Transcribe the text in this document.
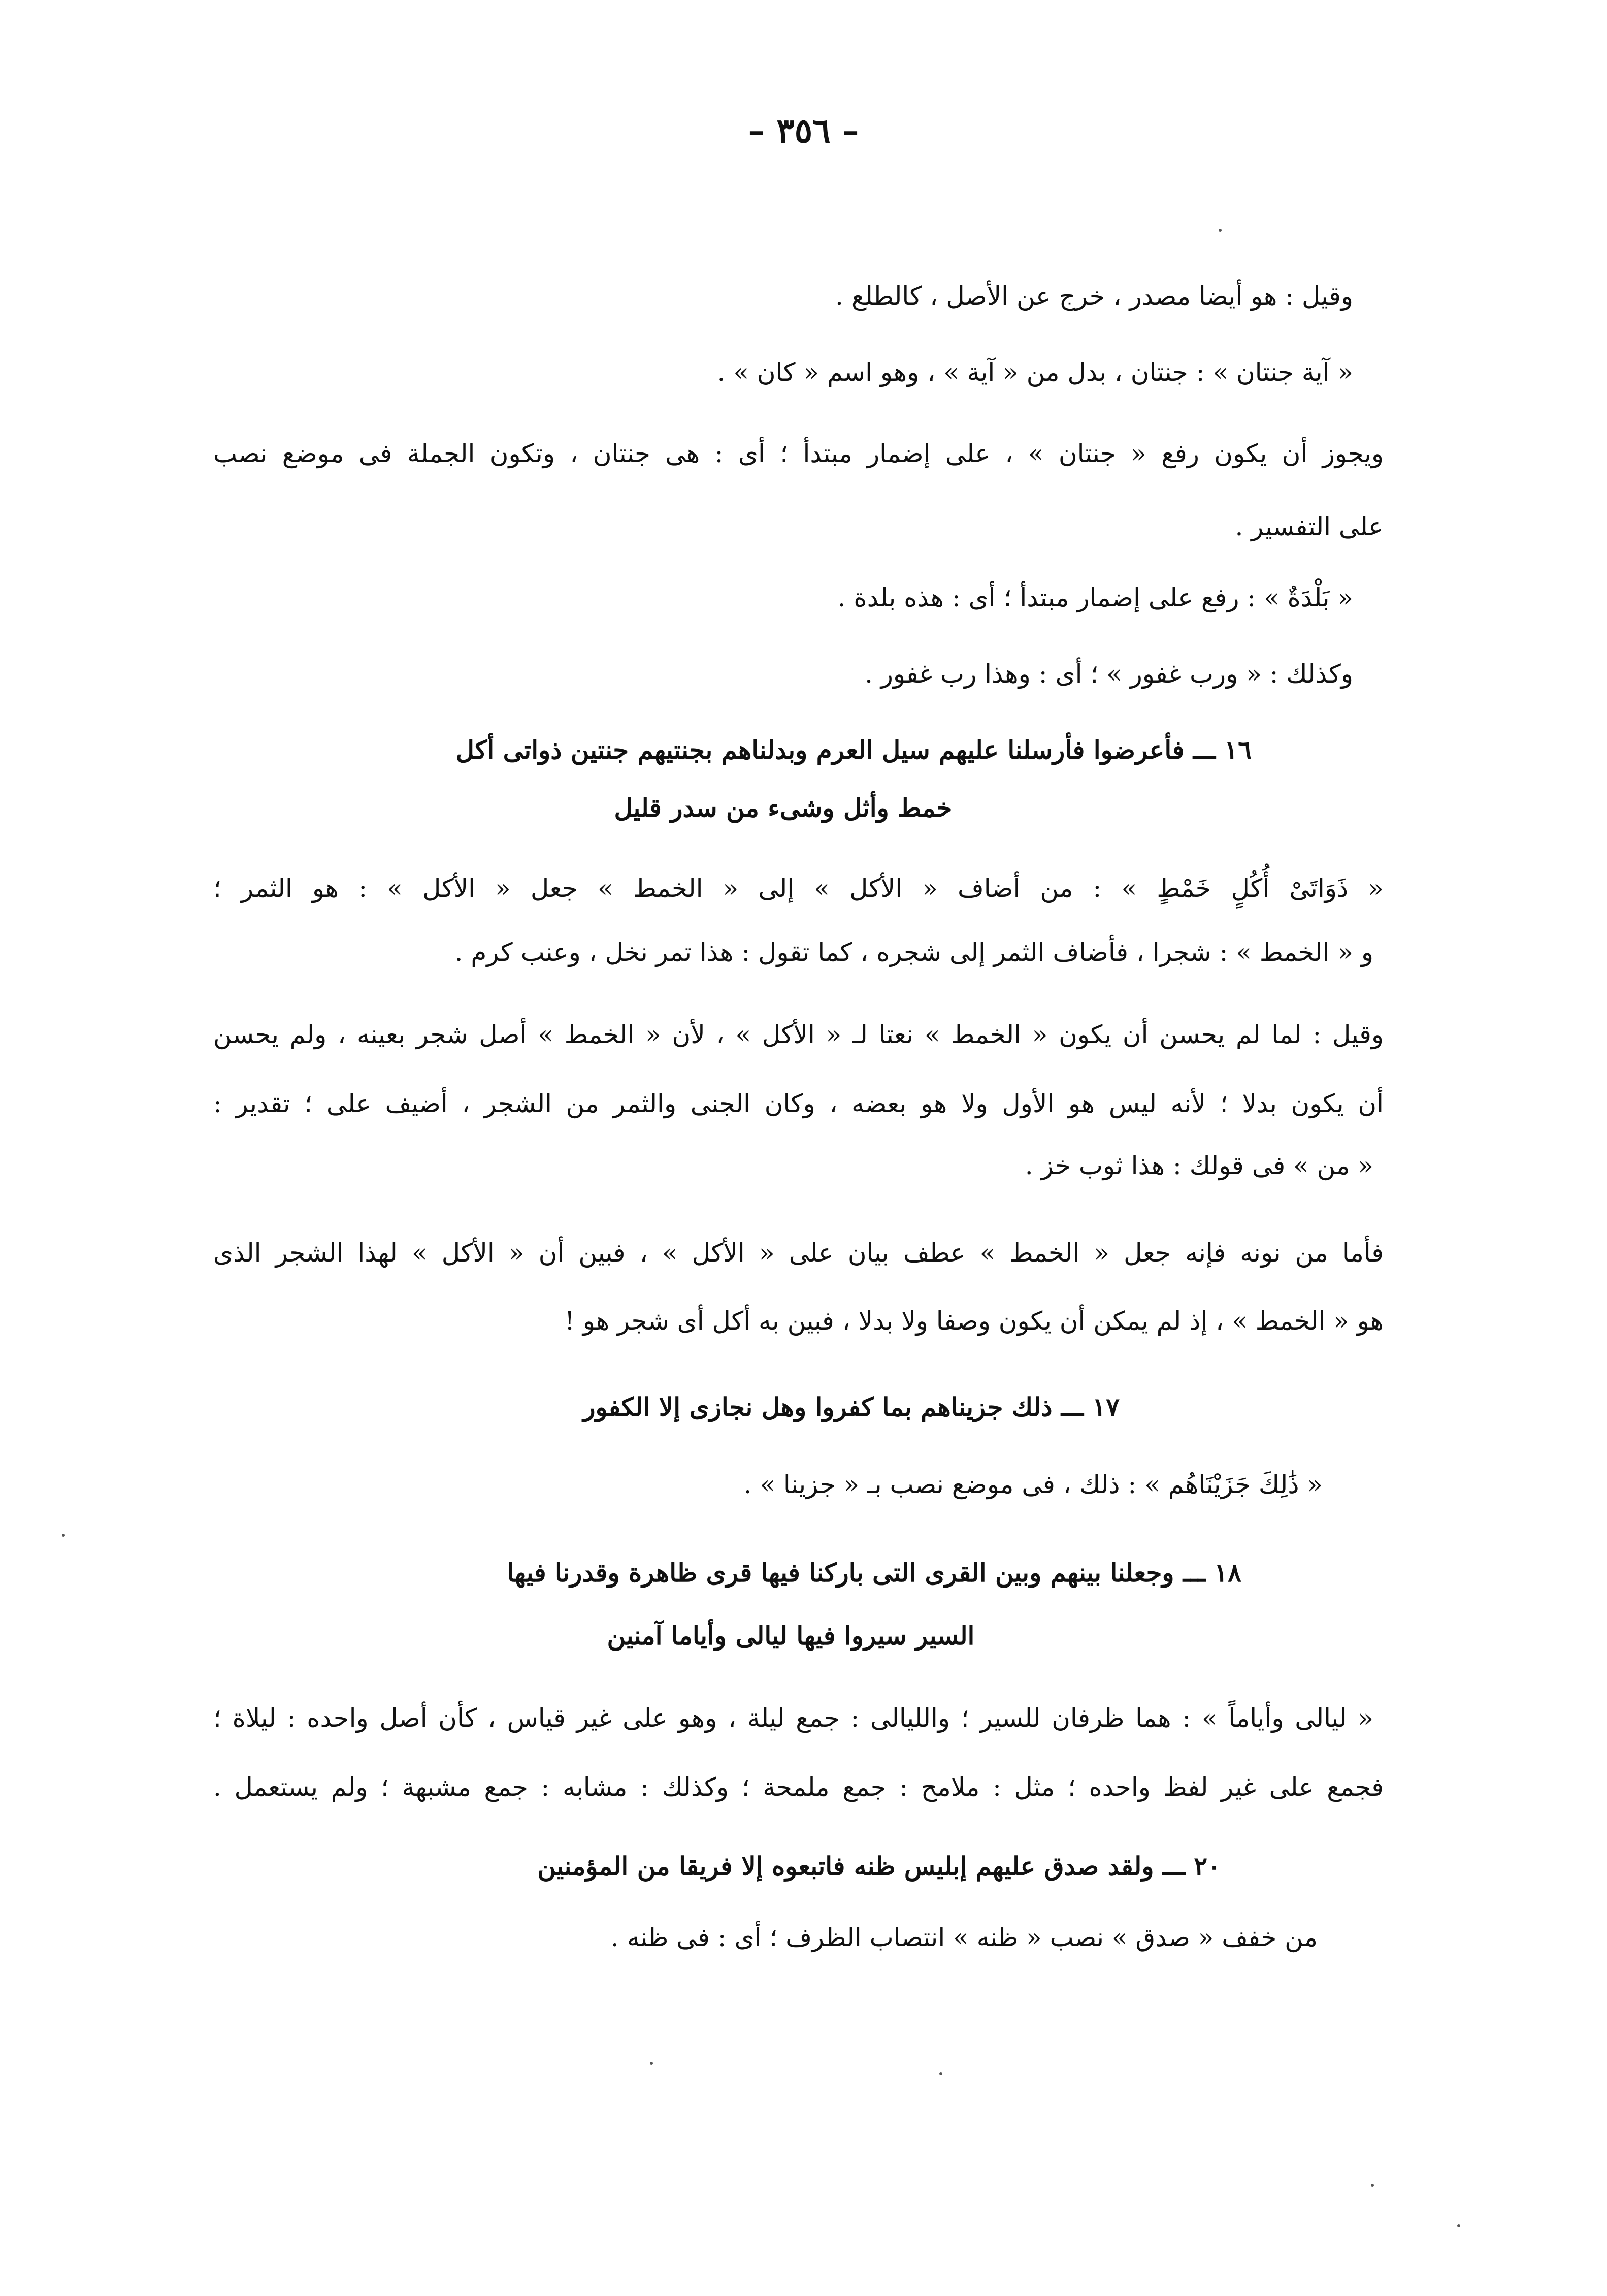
– ٣٥٦ –
وقيل : هو أيضا مصدر ، خرج عن الأصل ، كالطلع .
« آية جنتان » : جنتان ، بدل من « آية » ، وهو اسم « كان » .
ويجوز أن يكون رفع « جنتان » ، على إضمار مبتدأ ؛ أى : هى جنتان ، وتكون الجملة فى موضع نصب
على التفسير .
« بَلْدَةٌ » : رفع على إضمار مبتدأ ؛ أى : هذه بلدة .
وكذلك : « ورب غفور » ؛ أى : وهذا رب غفور .
١٦ ـــ فأعرضوا فأرسلنا عليهم سيل العرم وبدلناهم بجنتيهم جنتين ذواتى أكل
خمط وأثل وشىء من سدر قليل
« ذَوَاتَىْ أُكُلٍ خَمْطٍ » : من أضاف « الأكل » إلى « الخمط » جعل « الأكل » : هو الثمر ؛
و « الخمط » : شجرا ، فأضاف الثمر إلى شجره ، كما تقول : هذا تمر نخل ، وعنب كرم .
وقيل : لما لم يحسن أن يكون « الخمط » نعتا لـ « الأكل » ، لأن « الخمط » أصل شجر بعينه ، ولم يحسن
أن يكون بدلا ؛ لأنه ليس هو الأول ولا هو بعضه ، وكان الجنى والثمر من الشجر ، أضيف على ؛ تقدير :
« من » فى قولك : هذا ثوب خز .
فأما من نونه فإنه جعل « الخمط » عطف بيان على « الأكل » ، فبين أن « الأكل » لهذا الشجر الذى
هو « الخمط » ، إذ لم يمكن أن يكون وصفا ولا بدلا ، فبين به أكل أى شجر هو !
١٧ ـــ ذلك جزيناهم بما كفروا وهل نجازى إلا الكفور
« ذَٰلِكَ جَزَيْنَاهُم » : ذلك ، فى موضع نصب بـ « جزينا » .
١٨ ـــ وجعلنا بينهم وبين القرى التى باركنا فيها قرى ظاهرة وقدرنا فيها
السير سيروا فيها ليالى وأياما آمنين
« ليالى وأياماً » : هما ظرفان للسير ؛ والليالى : جمع ليلة ، وهو على غير قياس ، كأن أصل واحده : ليلاة ؛
فجمع على غير لفظ واحده ؛ مثل : ملامح : جمع ملمحة ؛ وكذلك : مشابه : جمع مشبهة ؛ ولم يستعمل .
٢٠ ـــ ولقد صدق عليهم إبليس ظنه فاتبعوه إلا فريقا من المؤمنين
من خفف « صدق » نصب « ظنه » انتصاب الظرف ؛ أى : فى ظنه .
